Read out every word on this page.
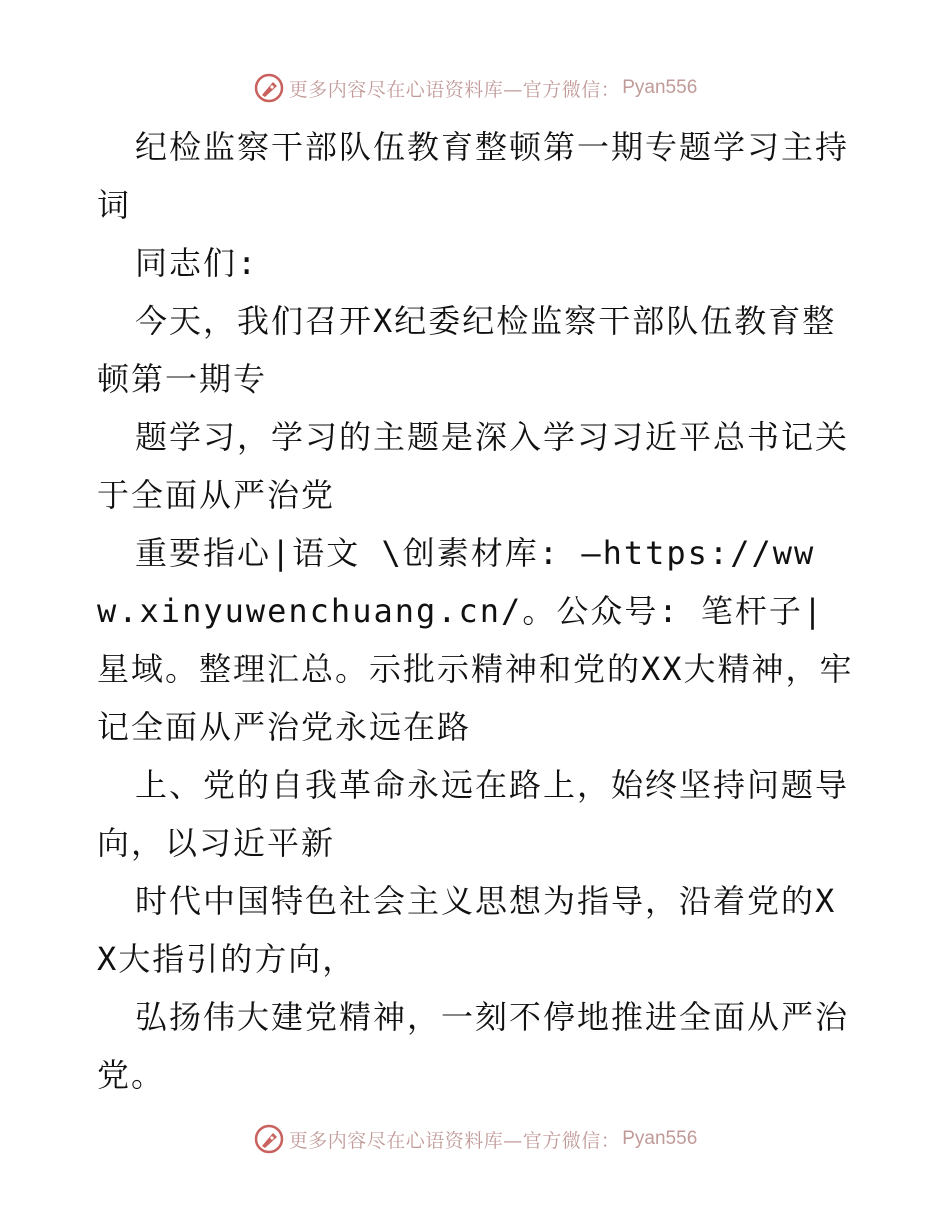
更多内容尽在心语资料库—官方微信： Pyan556

纪检监察干部队伍教育整顿第一期专题学习主持词

同志们:

今天，我们召开X纪委纪检监察干部队伍教育整顿第一期专

题学习，学习的主题是深入学习习近平总书记关于全面从严治党

重要指心|语文 \创素材库: —https://www.xinyuwenchuang.cn/。公众号: 笔杆子|星域。整理汇总。示批示精神和党的XX大精神，牢记全面从严治党永远在路

上、党的自我革命永远在路上，始终坚持问题导向，以习近平新

时代中国特色社会主义思想为指导，沿着党的XX大指引的方向，

弘扬伟大建党精神，一刻不停地推进全面从严治党。

更多内容尽在心语资料库—官方微信： Pyan556
